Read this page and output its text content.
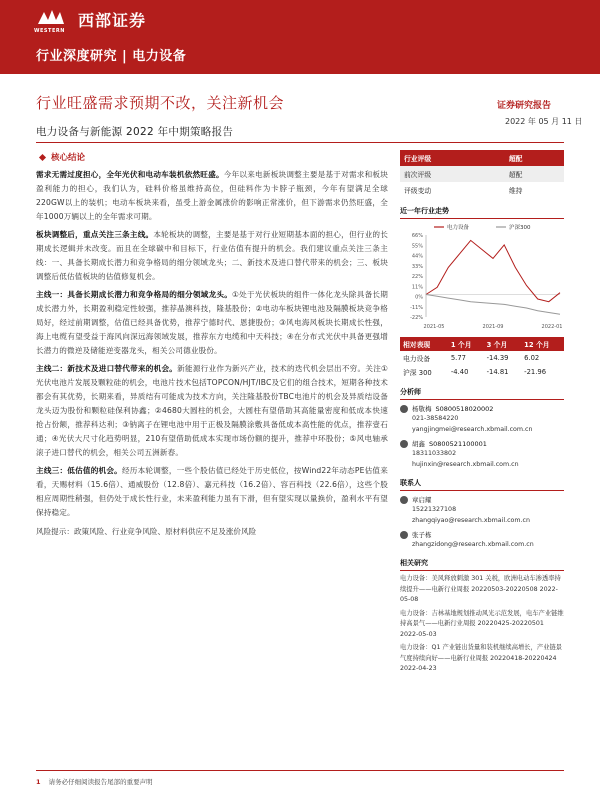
WESTERN
西部证券
行业深度研究 | 电力设备
行业旺盛需求预期不改，关注新机会	证券研究报告
2022 年 05 月 11 日
电力设备与新能源 2022 年中期策略报告
核心结论

需求无需过度担心，全年光伏和电动车装机依然旺盛。今年以来电新板块调整主要是基于对需求和板块盈利能力的担心，我们认为，硅料价格虽维持高位，但硅料作为卡脖子瓶颈，今年有望满足全球220GW以上的装机；电动车板块来看，虽受上游金属涨价的影响正常涨价，但下游需求仍然旺盛，全年1000万辆以上的全年需求可期。

板块调整后，重点关注三条主线。本轮板块的调整，主要是基于对行业短期基本面的担心，但行业的长期成长逻辑并未改变。而且在全球碳中和目标下，行业估值有提升的机会。我们建议重点关注三条主线：一、具备长期成长潜力和竞争格局的细分领域龙头；二、新技术及进口替代带来的机会；三、板块调整后低估值板块的估值修复机会。

主线一：具备长期成长潜力和竞争格局的细分领域龙头。①处于光伏板块的组件一体化龙头除具备长期成长潜力外，长期盈利稳定性较强，推荐晶澳科技，隆基股份；②电动车板块锂电池及隔膜板块竞争格局好，经过前期调整，估值已经具备优势，推荐宁德时代、恩捷股份；③风电海风板块长期成长性强，海上电缆有望受益于海风向深远海领域发展，推荐东方电缆和中天科技；④在分布式光伏中具备更强增长潜力的微逆及储能逆变器龙头，相关公司德业股份。

主线二：新技术及进口替代带来的机会。新能源行业作为新兴产业，技术的迭代机会层出不穷。关注①光伏电池片发展及颗粒硅的机会，电池片技术包括TOPCON/HJT/IBC及它们的组合技术，短期各种技术都会有其优势，长期来看，异质结有可能成为技术方向，关注隆基股份TBC电池片的机会及异质结设备龙头迈为股份和颗粒硅保利协鑫；②4680大圆柱的机会，大圆柱有望借助其高能量密度和低成本快速抢占份额，推荐科达利；③钠离子在锂电池中用于正极及隔膜涂敷具备低成本高性能的优点，推荐壹石通；④光伏大尺寸化趋势明显，210有望借助低成本实现市场份额的提升，推荐中环股份；⑤风电轴承滚子进口替代的机会，相关公司五洲新春。

主线三：低估值的机会。经历本轮调整，一些个股估值已经处于历史低位，按Wind22年动态PE估值来看，天赐材料（15.6倍）、通威股份（12.8倍）、嘉元科技（16.2倍）、容百科技（22.6倍），这些个股相应周期性稍强，但仍处于成长性行业，未来盈利能力虽有下滑，但有望实现以量换价，盈利水平有望保持稳定。

风险提示：政策风险、行业竞争风险、原材料供应不足及涨价风险

行业评级	超配
前次评级	超配
评级变动	维持
近一年行业走势
66%
55%
44%
33%
22%
11%
0%
-11%
-22%
2021-05	2021-09	2022-01
电力设备	沪深300
相对表现	1 个月	3 个月	12 个月
电力设备	5.77	-14.39	6.02
沪深 300	-4.40	-14.81	-21.96
分析师
杨敬梅 S0800518020002
021-38584220
yangjingmei@research.xbmail.com.cn
胡鑫 S0800521100001
18311033802
hujinxin@research.xbmail.com.cn
联系人
章启耀
15221327108
zhangqiyao@research.xbmail.com.cn
张子栋
zhangzidong@research.xbmail.com.cn
相关研究
电力设备：美风释放刺激 301 关税，欧洲电动车渗透率持续提升——电新行业周报 20220503-20220508 2022-05-08
电力设备：吉林基地规划推动风光示范发展，电车产业链维持高景气——电新行业周报 20220425-20220501 2022-05-03
电力设备：Q1 产业链出货量和装机继续高增长，产业链景气度持续向好——电新行业周报 20220418-20220424 2022-04-23
1 请务必仔细阅读报告尾部的重要声明
